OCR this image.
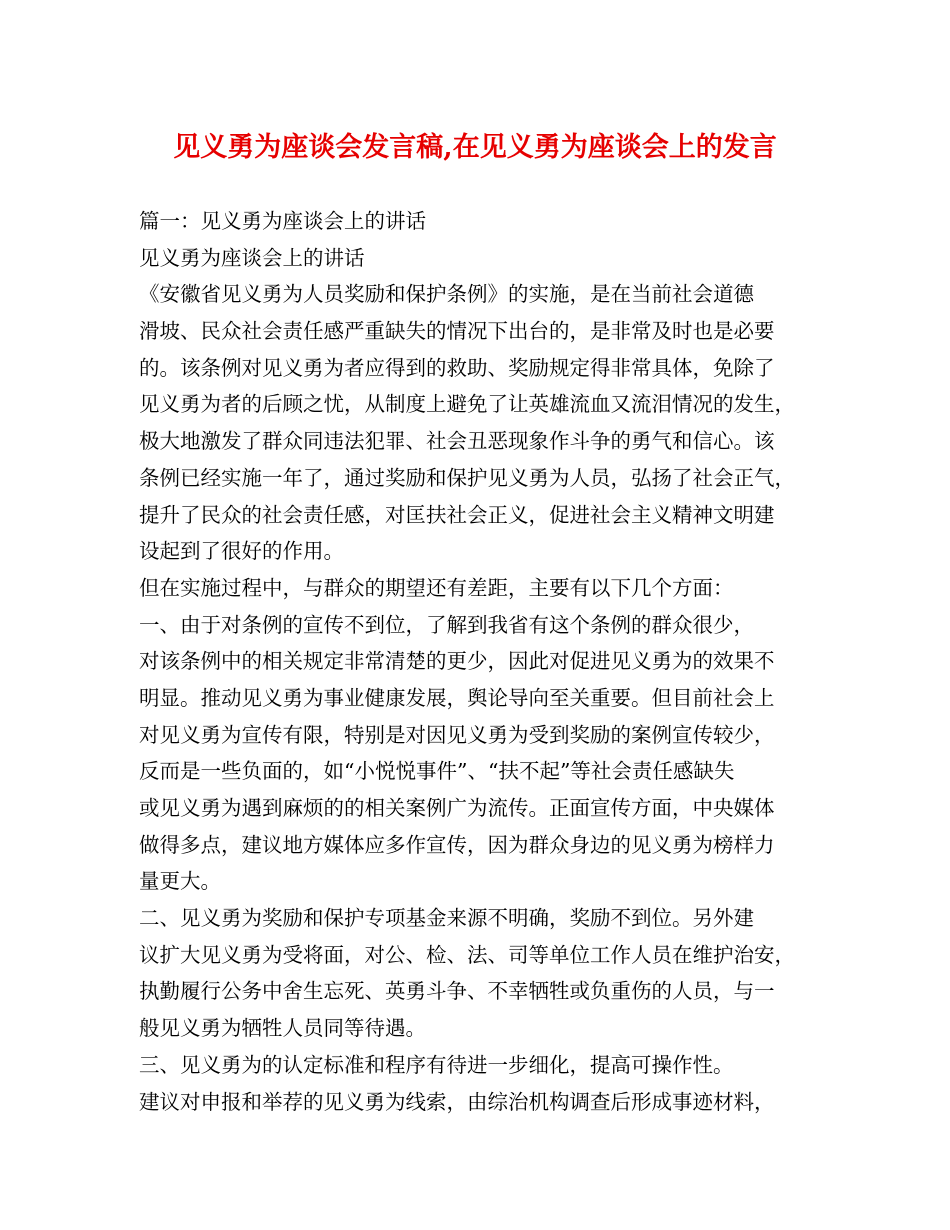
见义勇为座谈会发言稿,在见义勇为座谈会上的发言
篇一：见义勇为座谈会上的讲话
见义勇为座谈会上的讲话
《安徽省见义勇为人员奖励和保护条例》的实施，是在当前社会道德
滑坡、民众社会责任感严重缺失的情况下出台的，是非常及时也是必要
的。该条例对见义勇为者应得到的救助、奖励规定得非常具体，免除了
见义勇为者的后顾之忧，从制度上避免了让英雄流血又流泪情况的发生，
极大地激发了群众同违法犯罪、社会丑恶现象作斗争的勇气和信心。该
条例已经实施一年了，通过奖励和保护见义勇为人员，弘扬了社会正气，
提升了民众的社会责任感，对匡扶社会正义，促进社会主义精神文明建
设起到了很好的作用。
但在实施过程中，与群众的期望还有差距，主要有以下几个方面：
一、由于对条例的宣传不到位，了解到我省有这个条例的群众很少，
对该条例中的相关规定非常清楚的更少，因此对促进见义勇为的效果不
明显。推动见义勇为事业健康发展，舆论导向至关重要。但目前社会上
对见义勇为宣传有限，特别是对因见义勇为受到奖励的案例宣传较少，
反而是一些负面的，如“小悦悦事件”、“扶不起”等社会责任感缺失
或见义勇为遇到麻烦的的相关案例广为流传。正面宣传方面，中央媒体
做得多点，建议地方媒体应多作宣传，因为群众身边的见义勇为榜样力
量更大。
二、见义勇为奖励和保护专项基金来源不明确，奖励不到位。另外建
议扩大见义勇为受将面，对公、检、法、司等单位工作人员在维护治安，
执勤履行公务中舍生忘死、英勇斗争、不幸牺牲或负重伤的人员，与一
般见义勇为牺牲人员同等待遇。
三、见义勇为的认定标准和程序有待进一步细化，提高可操作性。
建议对申报和举荐的见义勇为线索，由综治机构调查后形成事迹材料，
